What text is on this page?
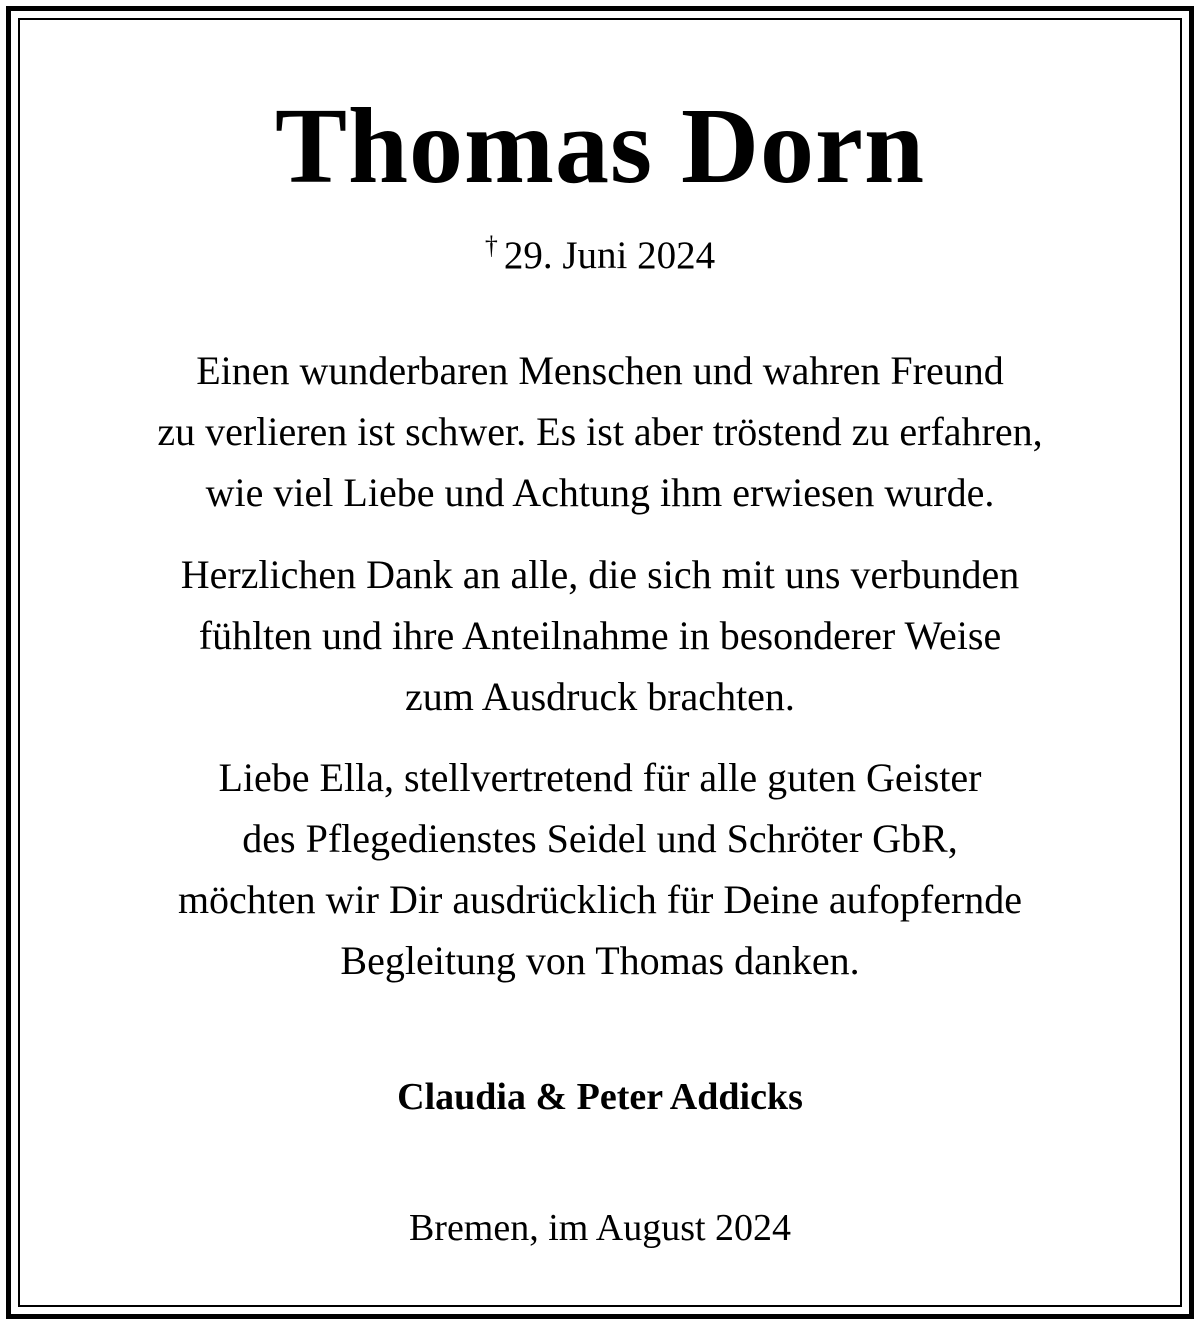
Thomas Dorn
† 29. Juni 2024
Einen wunderbaren Menschen und wahren Freund
zu verlieren ist schwer. Es ist aber tröstend zu erfahren,
wie viel Liebe und Achtung ihm erwiesen wurde.
Herzlichen Dank an alle, die sich mit uns verbunden
fühlten und ihre Anteilnahme in besonderer Weise
zum Ausdruck brachten.
Liebe Ella, stellvertretend für alle guten Geister
des Pflegedienstes Seidel und Schröter GbR,
möchten wir Dir ausdrücklich für Deine aufopfernde
Begleitung von Thomas danken.
Claudia & Peter Addicks
Bremen, im August 2024
